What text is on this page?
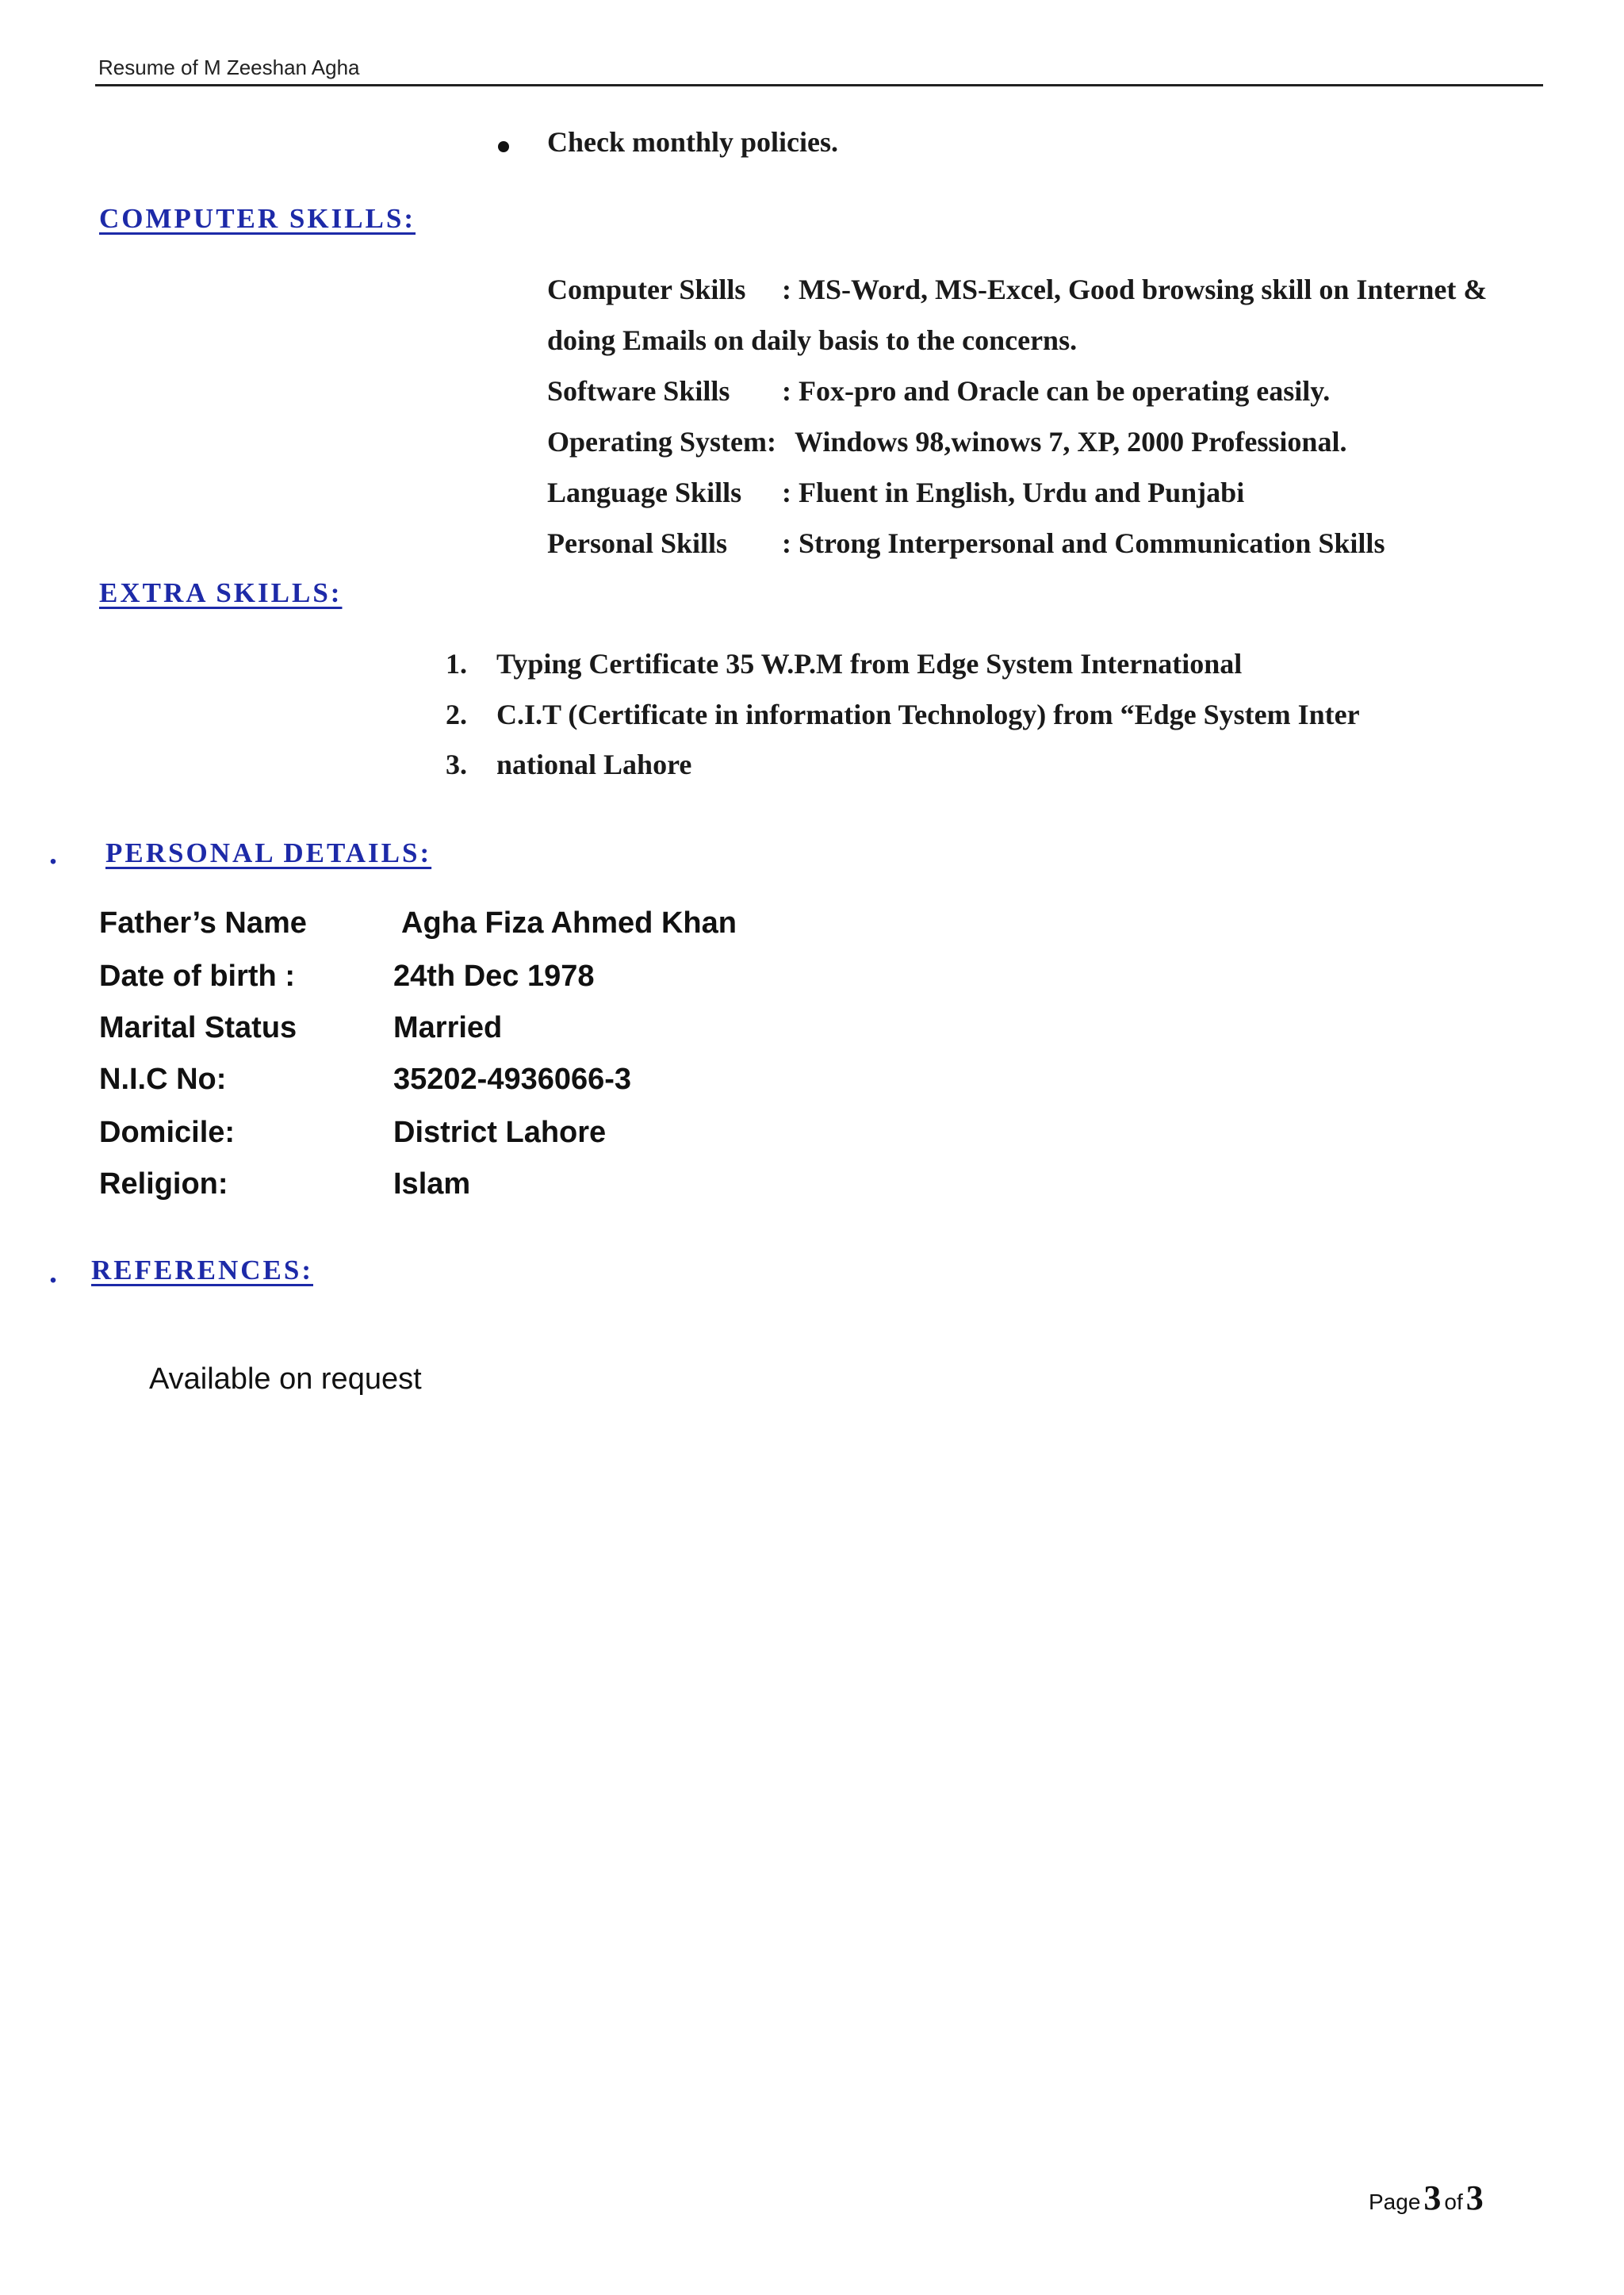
Resume of M Zeeshan Agha
Check monthly policies.
COMPUTER SKILLS:
Computer Skills : MS-Word, MS-Excel, Good browsing skill on Internet &
doing Emails on daily basis to the concerns.
Software Skills : Fox-pro and Oracle can be operating easily.
Operating System: Windows 98,winows 7, XP, 2000 Professional.
Language Skills : Fluent in English, Urdu and Punjabi
Personal Skills : Strong Interpersonal and Communication Skills
EXTRA SKILLS:
1. Typing Certificate 35 W.P.M from Edge System International
2. C.I.T (Certificate in information Technology) from “Edge System Inter
3. national Lahore
. PERSONAL DETAILS:
Father’s Name	Agha Fiza Ahmed Khan
Date of birth :	24th Dec 1978
Marital Status	Married
N.I.C No:	35202-4936066-3
Domicile:	District Lahore
Religion:	Islam
. REFERENCES:
Available on request
Page 3 of 3
